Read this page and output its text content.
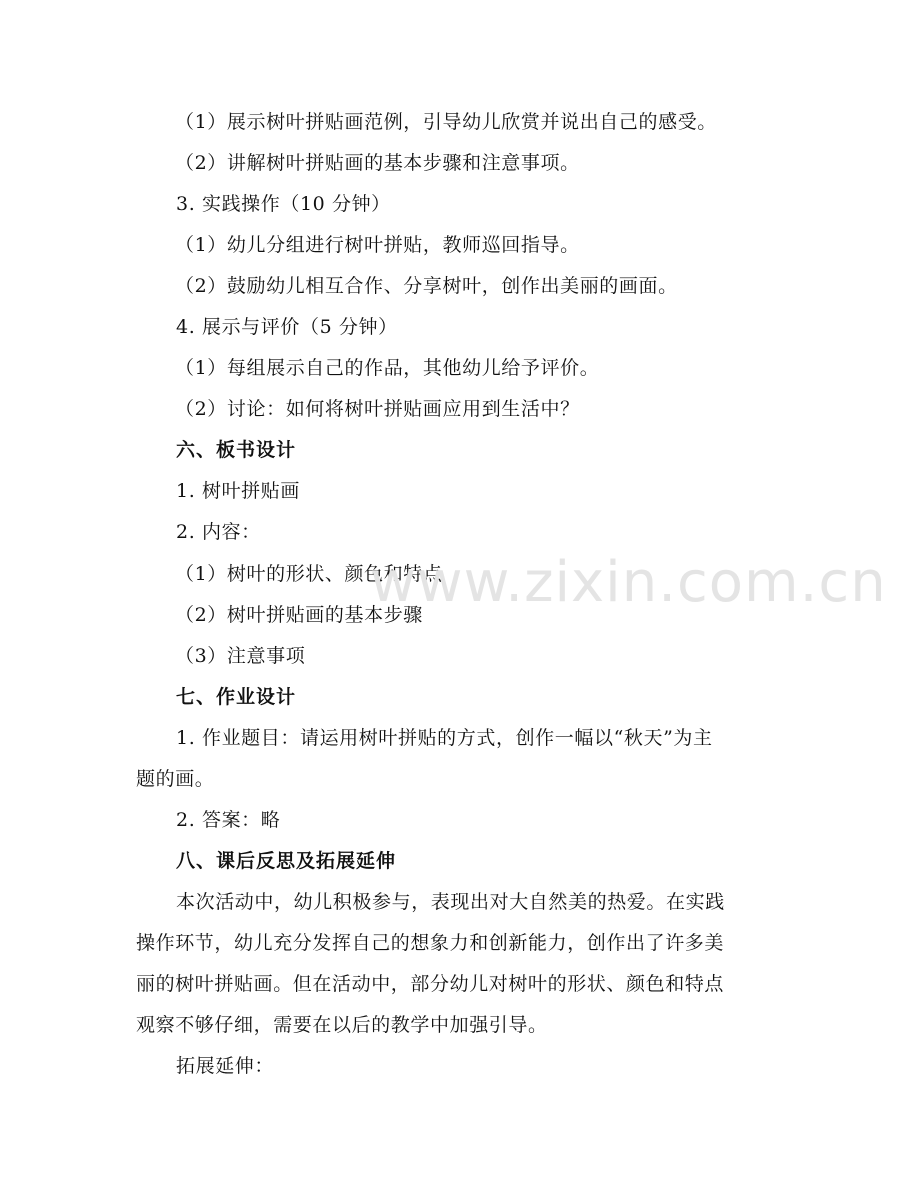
（1）展示树叶拼贴画范例，引导幼儿欣赏并说出自己的感受。
（2）讲解树叶拼贴画的基本步骤和注意事项。
3. 实践操作（10 分钟）
（1）幼儿分组进行树叶拼贴，教师巡回指导。
（2）鼓励幼儿相互合作、分享树叶，创作出美丽的画面。
4. 展示与评价（5 分钟）
（1）每组展示自己的作品，其他幼儿给予评价。
（2）讨论：如何将树叶拼贴画应用到生活中？
六、板书设计
1. 树叶拼贴画
2. 内容：
（1）树叶的形状、颜色和特点
（2）树叶拼贴画的基本步骤
（3）注意事项
七、作业设计
1. 作业题目：请运用树叶拼贴的方式，创作一幅以“秋天”为主
题的画。
2. 答案：略
八、课后反思及拓展延伸
本次活动中，幼儿积极参与，表现出对大自然美的热爱。在实践
操作环节，幼儿充分发挥自己的想象力和创新能力，创作出了许多美
丽的树叶拼贴画。但在活动中，部分幼儿对树叶的形状、颜色和特点
观察不够仔细，需要在以后的教学中加强引导。
拓展延伸：
www.zixin.com.cn
